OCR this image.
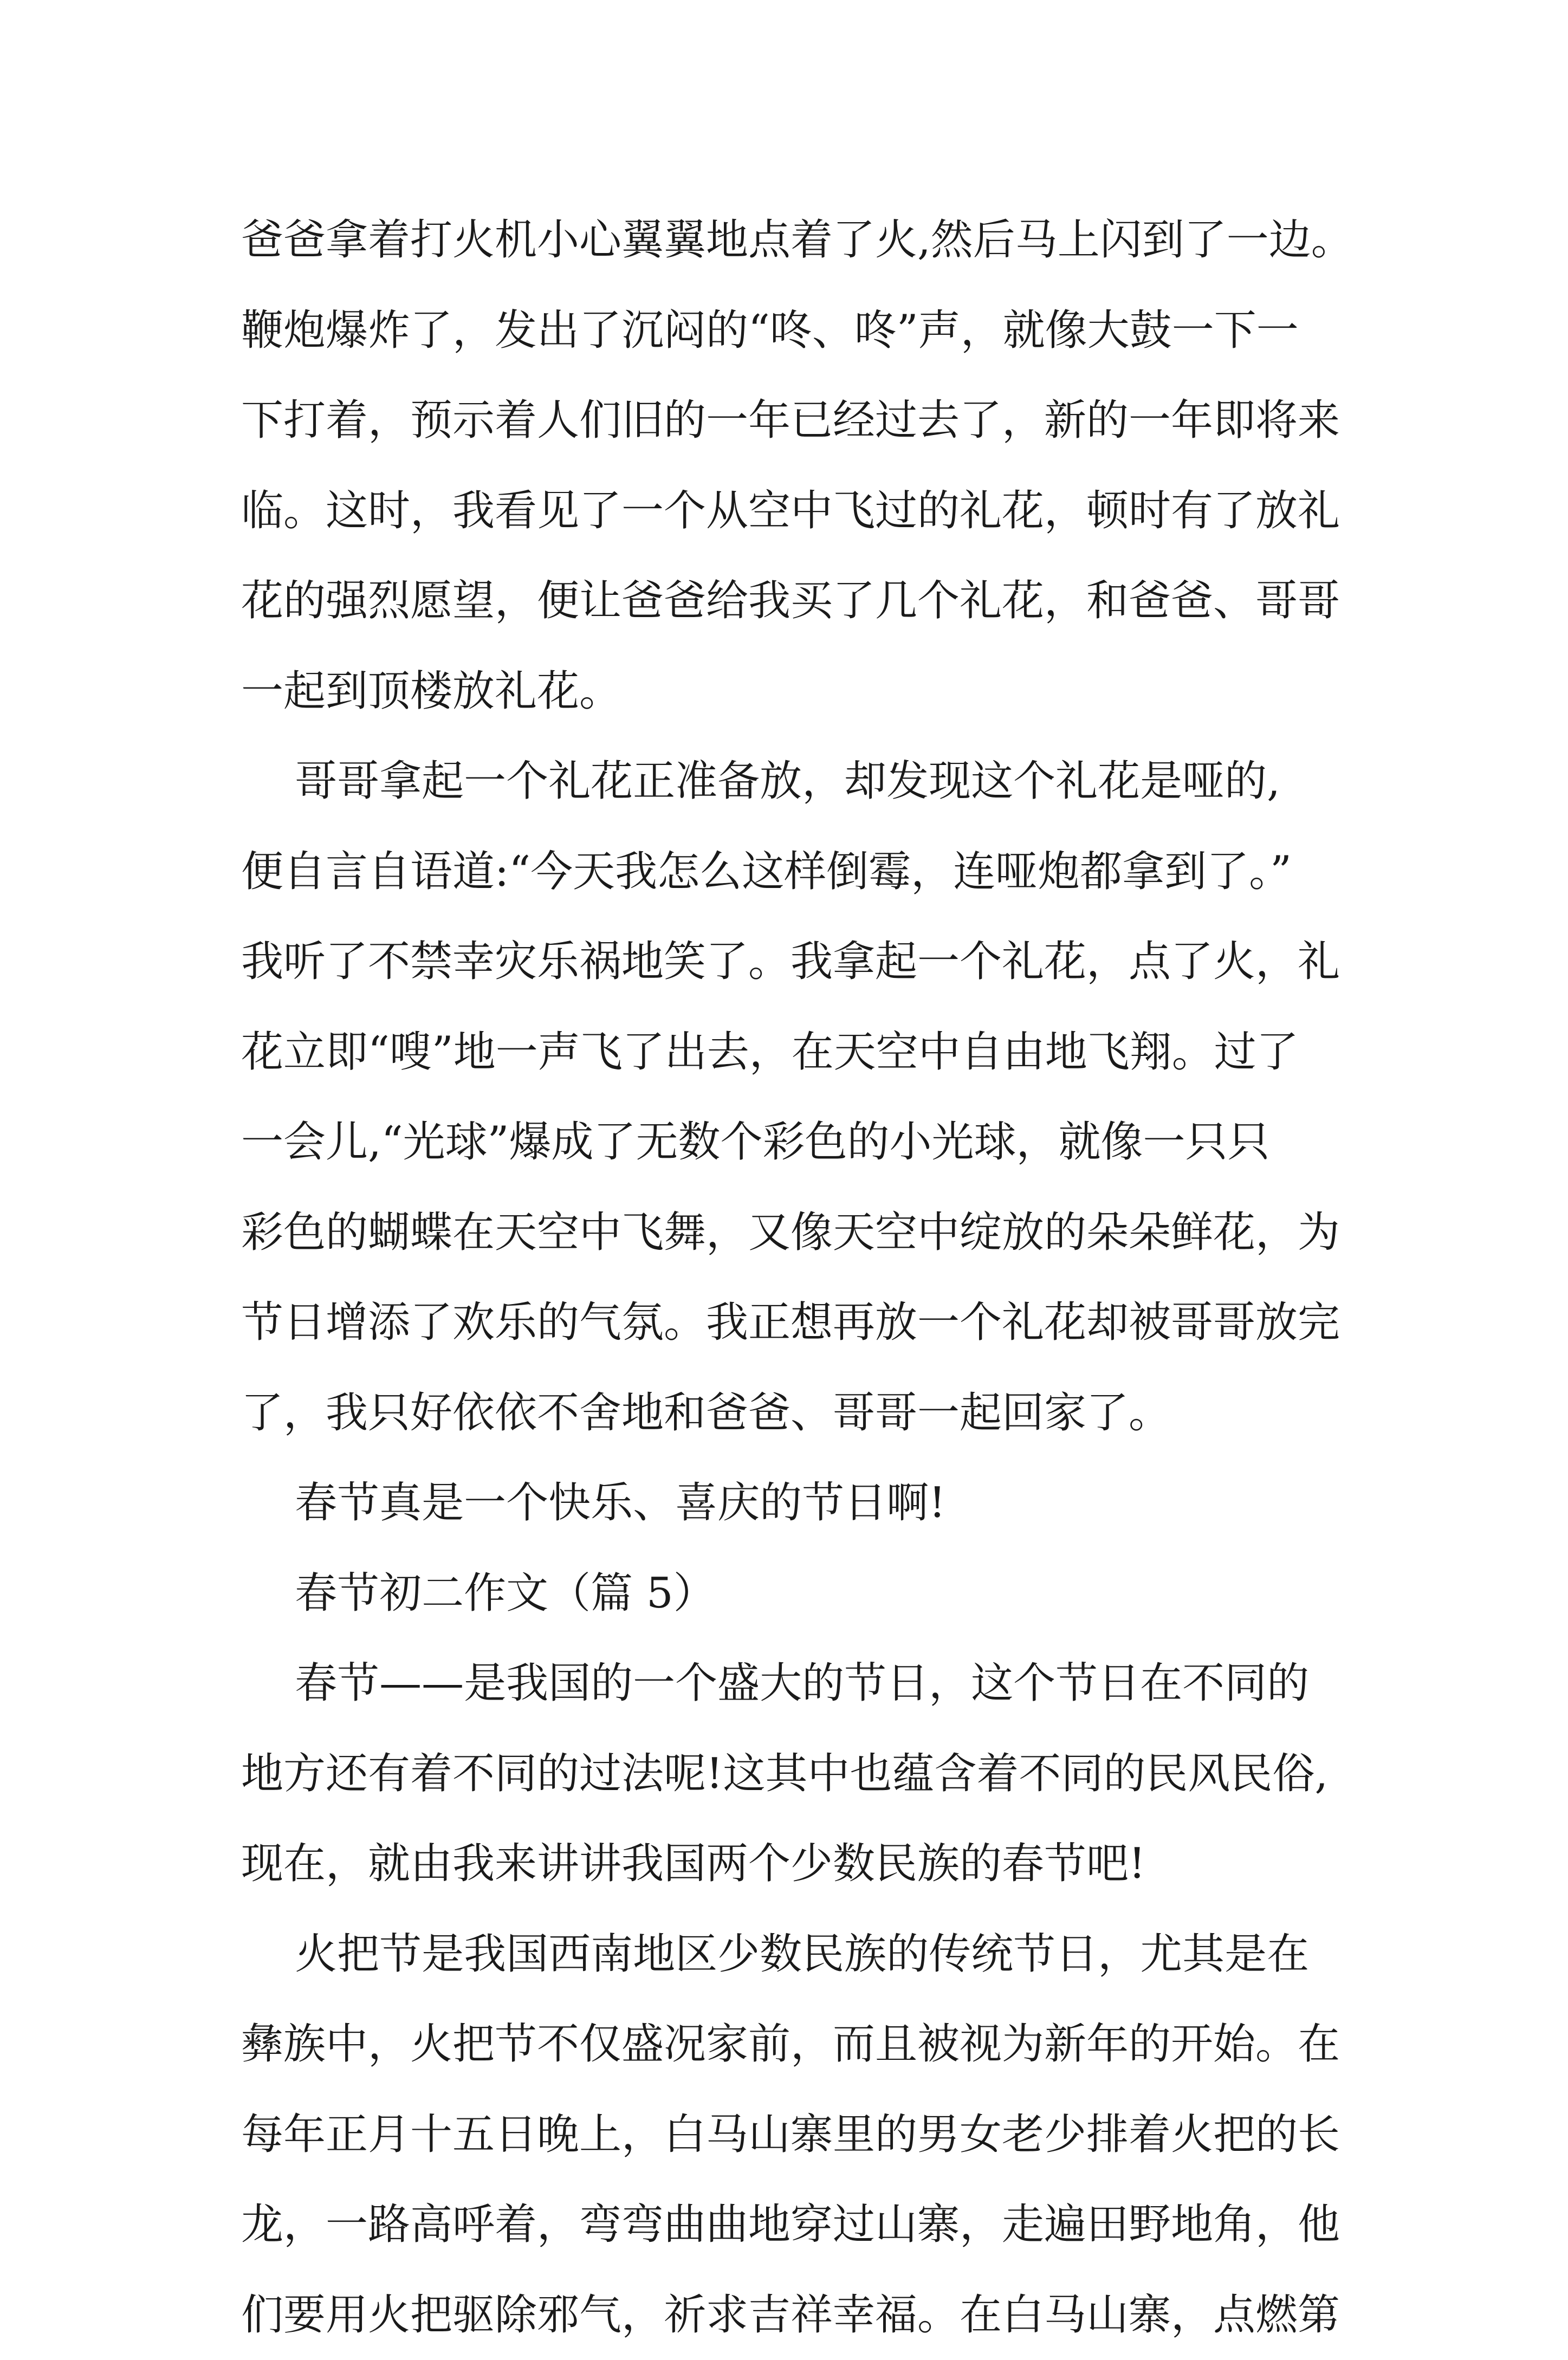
爸爸拿着打火机小心翼翼地点着了火,然后马上闪到了一边。
鞭炮爆炸了，发出了沉闷的“咚、咚”声，就像大鼓一下一
下打着，预示着人们旧的一年已经过去了，新的一年即将来
临。这时，我看见了一个从空中飞过的礼花，顿时有了放礼
花的强烈愿望，便让爸爸给我买了几个礼花，和爸爸、哥哥
一起到顶楼放礼花。
哥哥拿起一个礼花正准备放，却发现这个礼花是哑的,
便自言自语道:“今天我怎么这样倒霉，连哑炮都拿到了。”
我听了不禁幸灾乐祸地笑了。我拿起一个礼花，点了火，礼
花立即“嗖”地一声飞了出去，在天空中自由地飞翔。过了
一会儿,“光球”爆成了无数个彩色的小光球，就像一只只
彩色的蝴蝶在天空中飞舞，又像天空中绽放的朵朵鲜花，为
节日增添了欢乐的气氛。我正想再放一个礼花却被哥哥放完
了，我只好依依不舍地和爸爸、哥哥一起回家了。
春节真是一个快乐、喜庆的节日啊!
春节初二作文（篇 5）
春节——是我国的一个盛大的节日，这个节日在不同的
地方还有着不同的过法呢!这其中也蕴含着不同的民风民俗,
现在，就由我来讲讲我国两个少数民族的春节吧!
火把节是我国西南地区少数民族的传统节日，尤其是在
彝族中，火把节不仅盛况家前，而且被视为新年的开始。在
每年正月十五日晚上，白马山寨里的男女老少排着火把的长
龙，一路高呼着，弯弯曲曲地穿过山寨，走遍田野地角，他
们要用火把驱除邪气，祈求吉祥幸福。在白马山寨，点燃第
